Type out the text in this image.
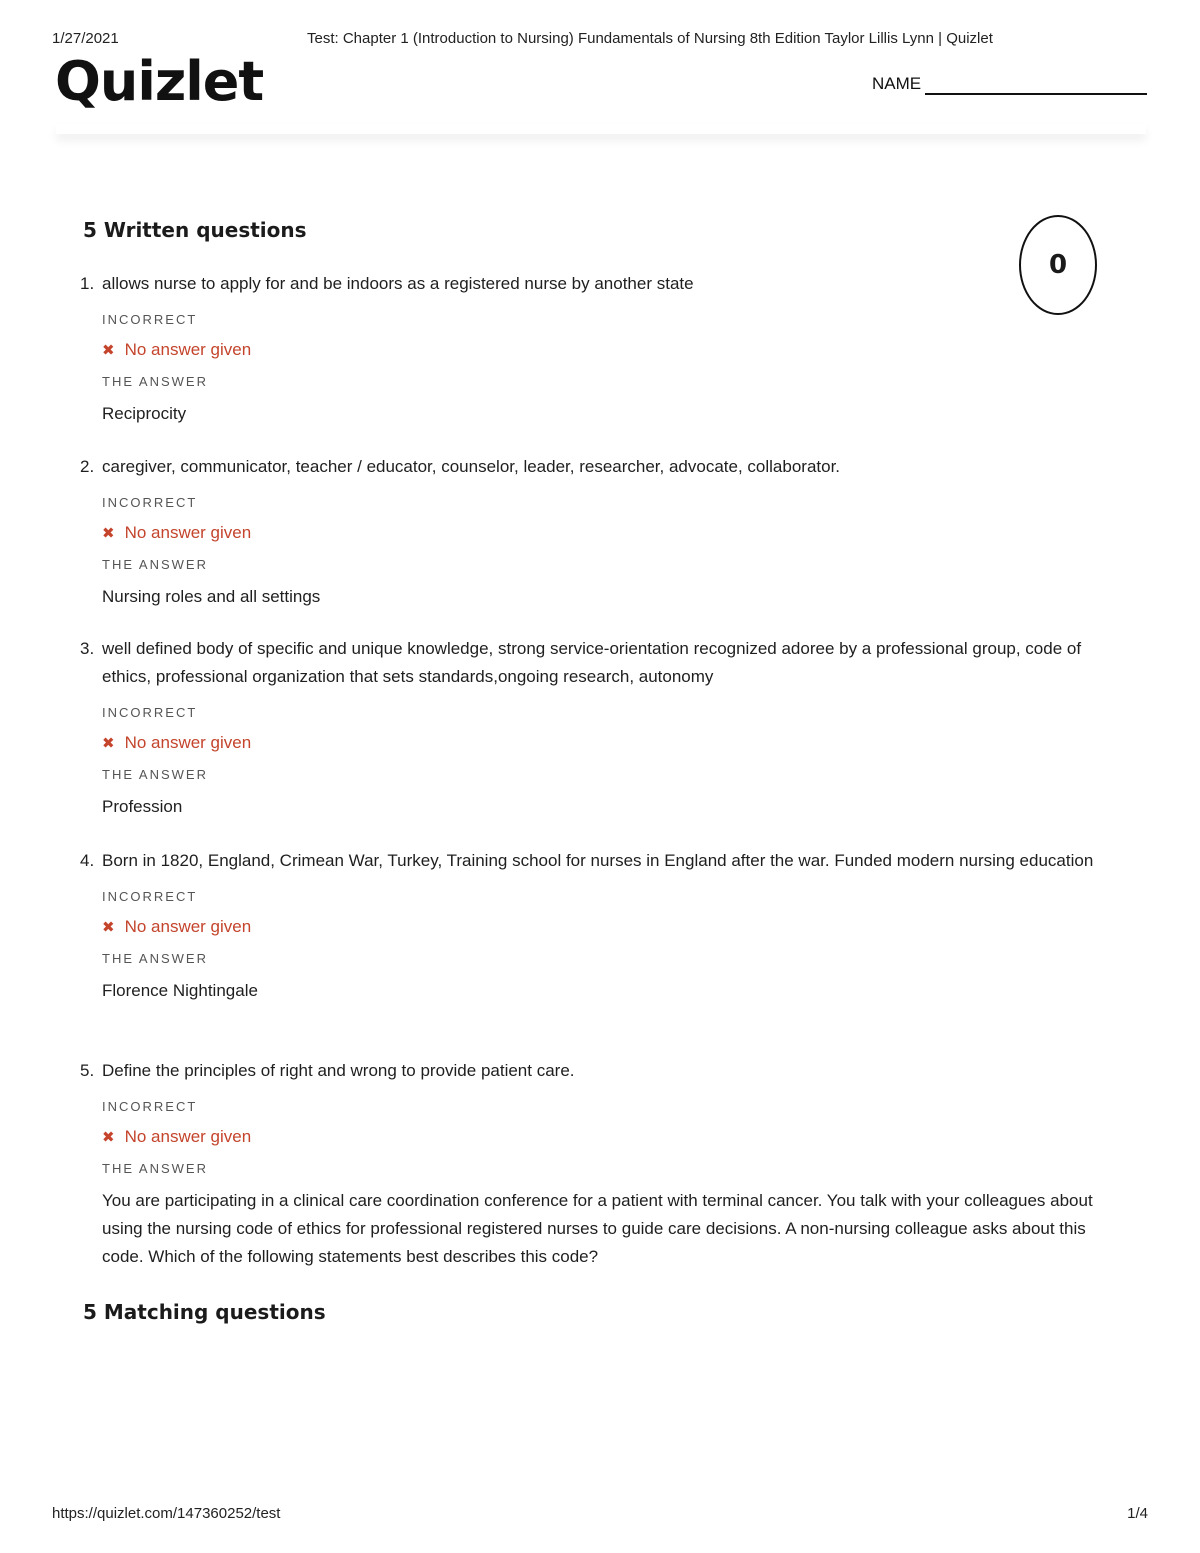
1/27/2021	Test: Chapter 1 (Introduction to Nursing) Fundamentals of Nursing 8th Edition Taylor Lillis Lynn | Quizlet
Quizlet	NAME
5 Written questions
0
1. allows nurse to apply for and be indoors as a registered nurse by another state
INCORRECT
✖ No answer given
THE ANSWER
Reciprocity
2. caregiver, communicator, teacher / educator, counselor, leader, researcher, advocate, collaborator.
INCORRECT
✖ No answer given
THE ANSWER
Nursing roles and all settings
3. well defined body of specific and unique knowledge, strong service-orientation recognized adoree by a professional group, code of ethics, professional organization that sets standards,ongoing research, autonomy
INCORRECT
✖ No answer given
THE ANSWER
Profession
4. Born in 1820, England, Crimean War, Turkey, Training school for nurses in England after the war. Funded modern nursing education
INCORRECT
✖ No answer given
THE ANSWER
Florence Nightingale
5. Define the principles of right and wrong to provide patient care.
INCORRECT
✖ No answer given
THE ANSWER
You are participating in a clinical care coordination conference for a patient with terminal cancer. You talk with your colleagues about using the nursing code of ethics for professional registered nurses to guide care decisions. A non-nursing colleague asks about this code. Which of the following statements best describes this code?
5 Matching questions
https://quizlet.com/147360252/test	1/4
